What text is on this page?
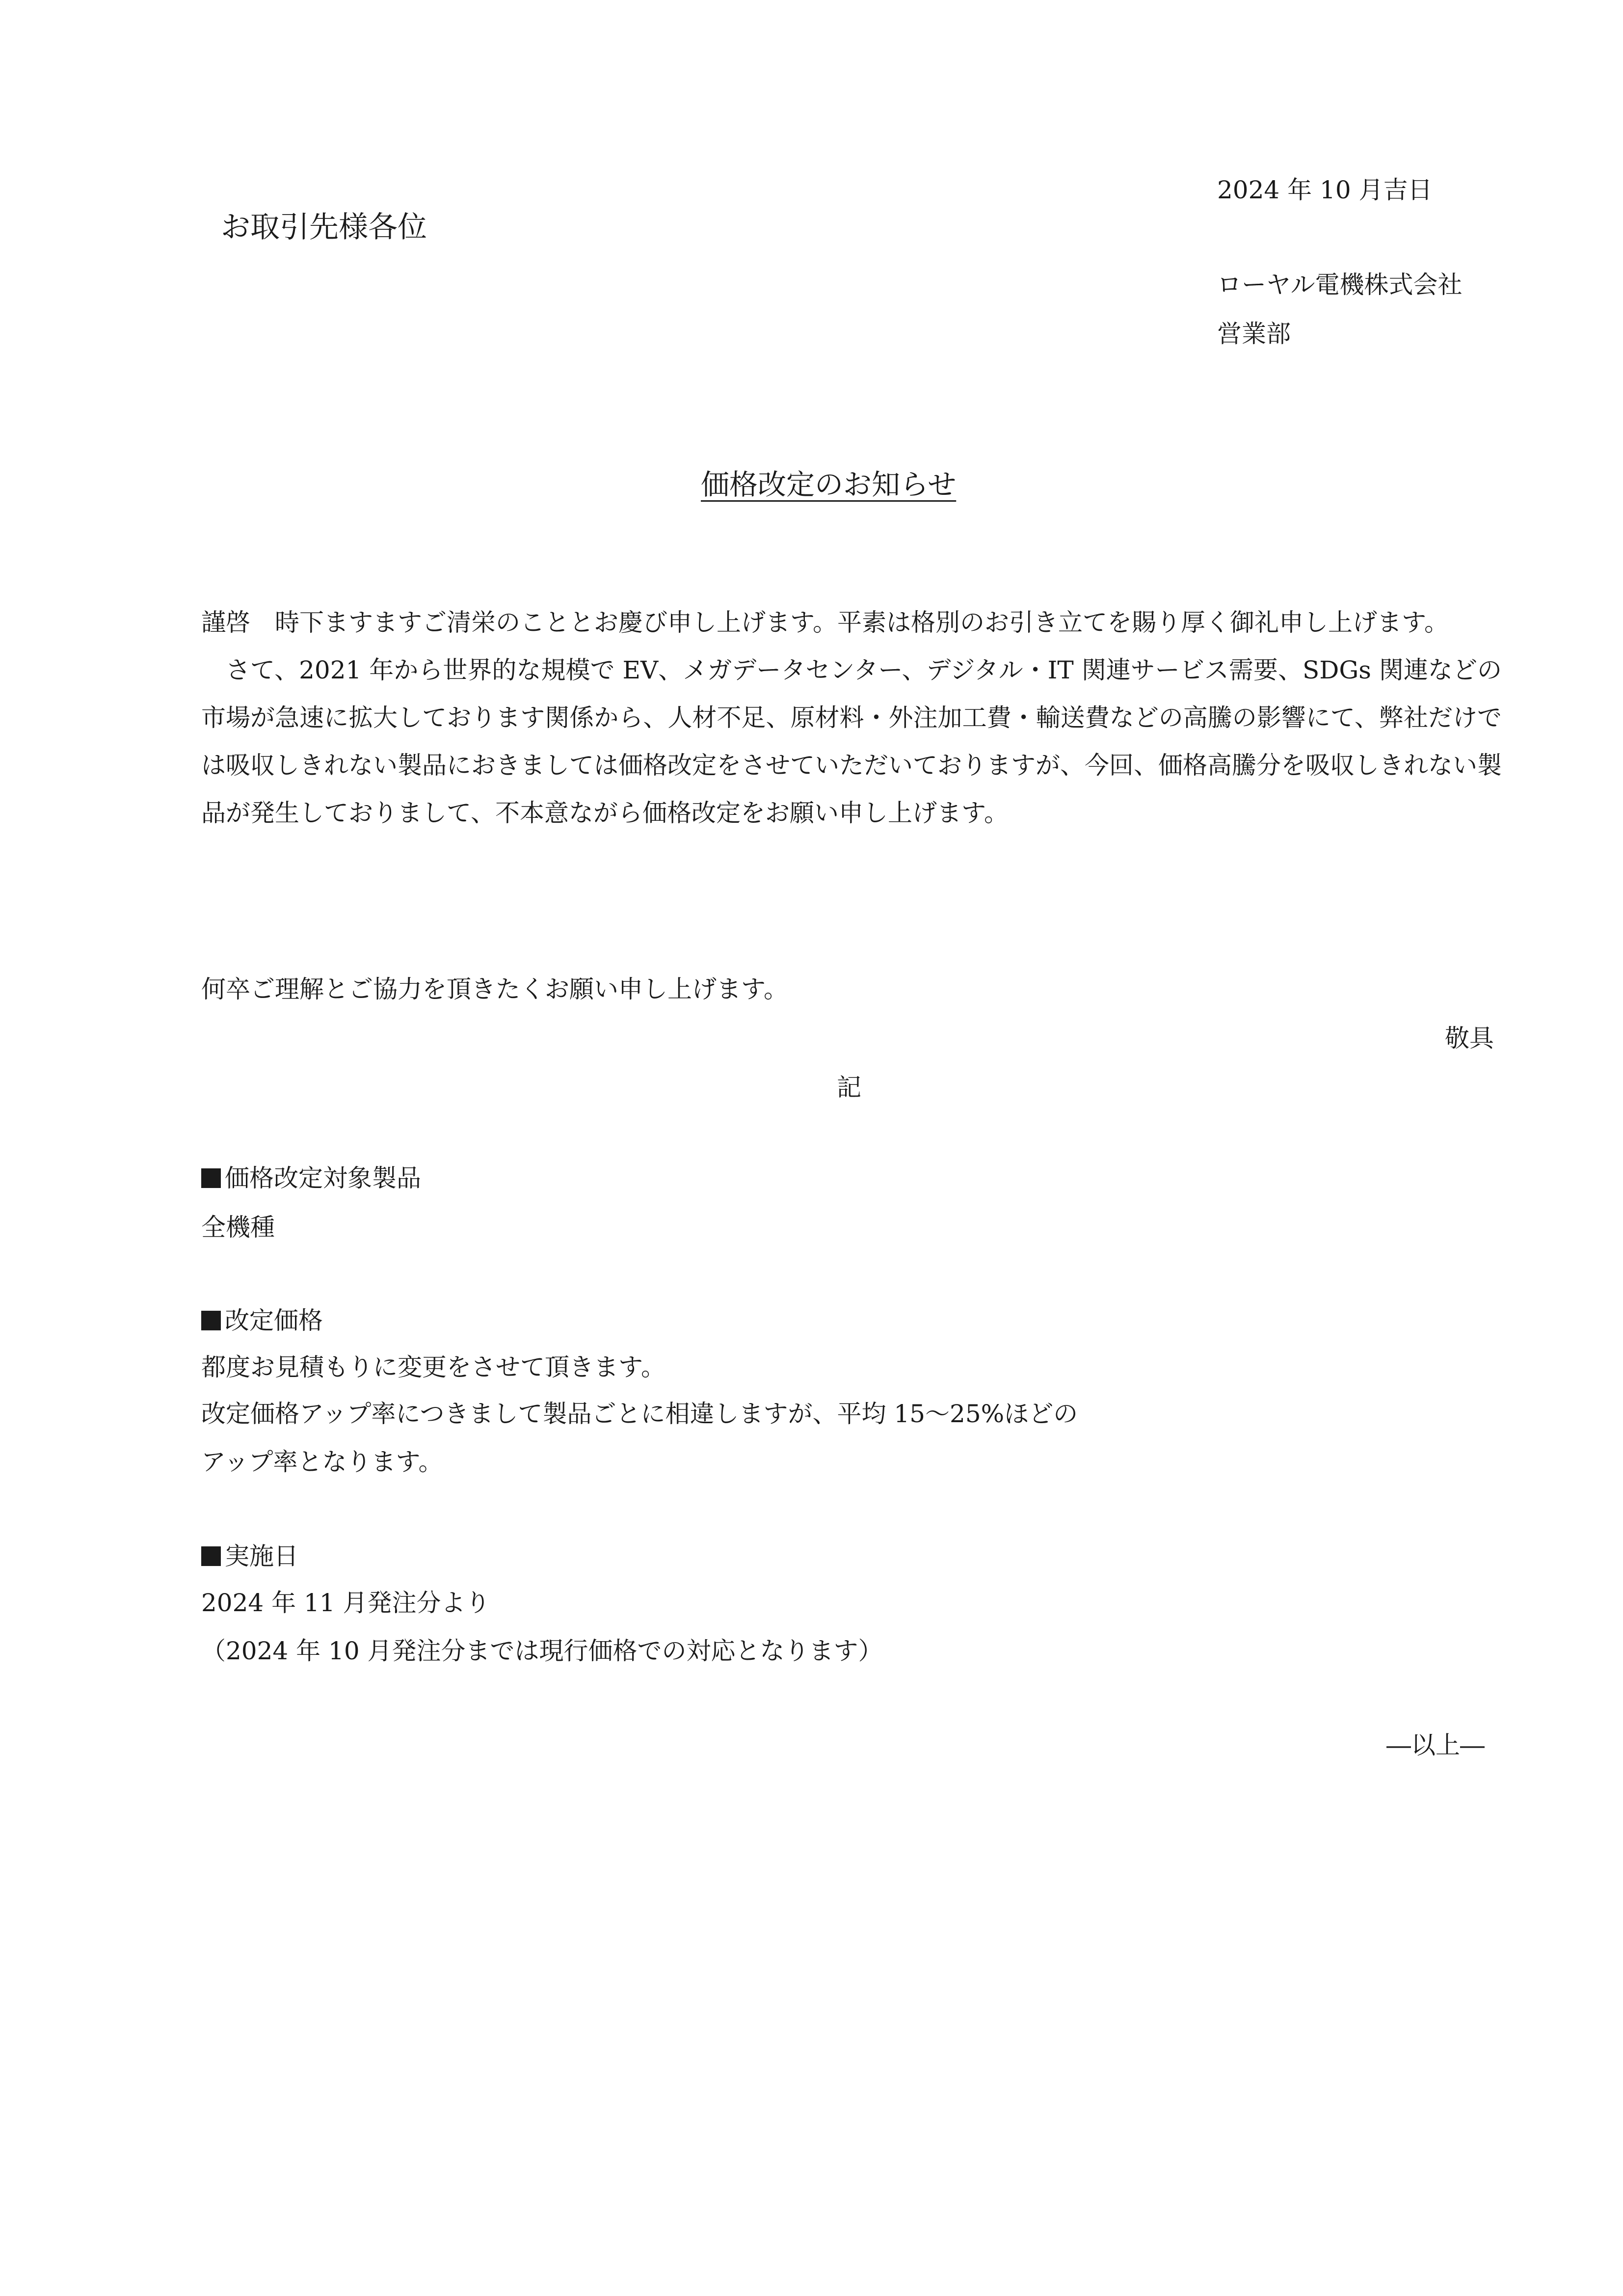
お取引先様各位
2024 年 10 月吉日
ローヤル電機株式会社
営業部
価格改定のお知らせ

謹啓　時下ますますご清栄のこととお慶び申し上げます。平素は格別のお引き立てを賜り厚く御礼申し上げます。

さて、2021 年から世界的な規模で EV、メガデータセンター、デジタル・IT 関連サービス需要、SDGs 関連などの市場が急速に拡大しております関係から、人材不足、原材料・外注加工費・輸送費などの高騰の影響にて、弊社だけでは吸収しきれない製品におきましては価格改定をさせていただいておりますが、今回、価格高騰分を吸収しきれない製品が発生しておりまして、不本意ながら価格改定をお願い申し上げます。

何卒ご理解とご協力を頂きたくお願い申し上げます。
敬具
記
価格改定対象製品
全機種
改定価格
都度お見積もりに変更をさせて頂きます。
改定価格アップ率につきまして製品ごとに相違しますが、平均 15～25%ほどの
アップ率となります。
実施日
2024 年 11 月発注分より
（2024 年 10 月発注分までは現行価格での対応となります）
―以上―
